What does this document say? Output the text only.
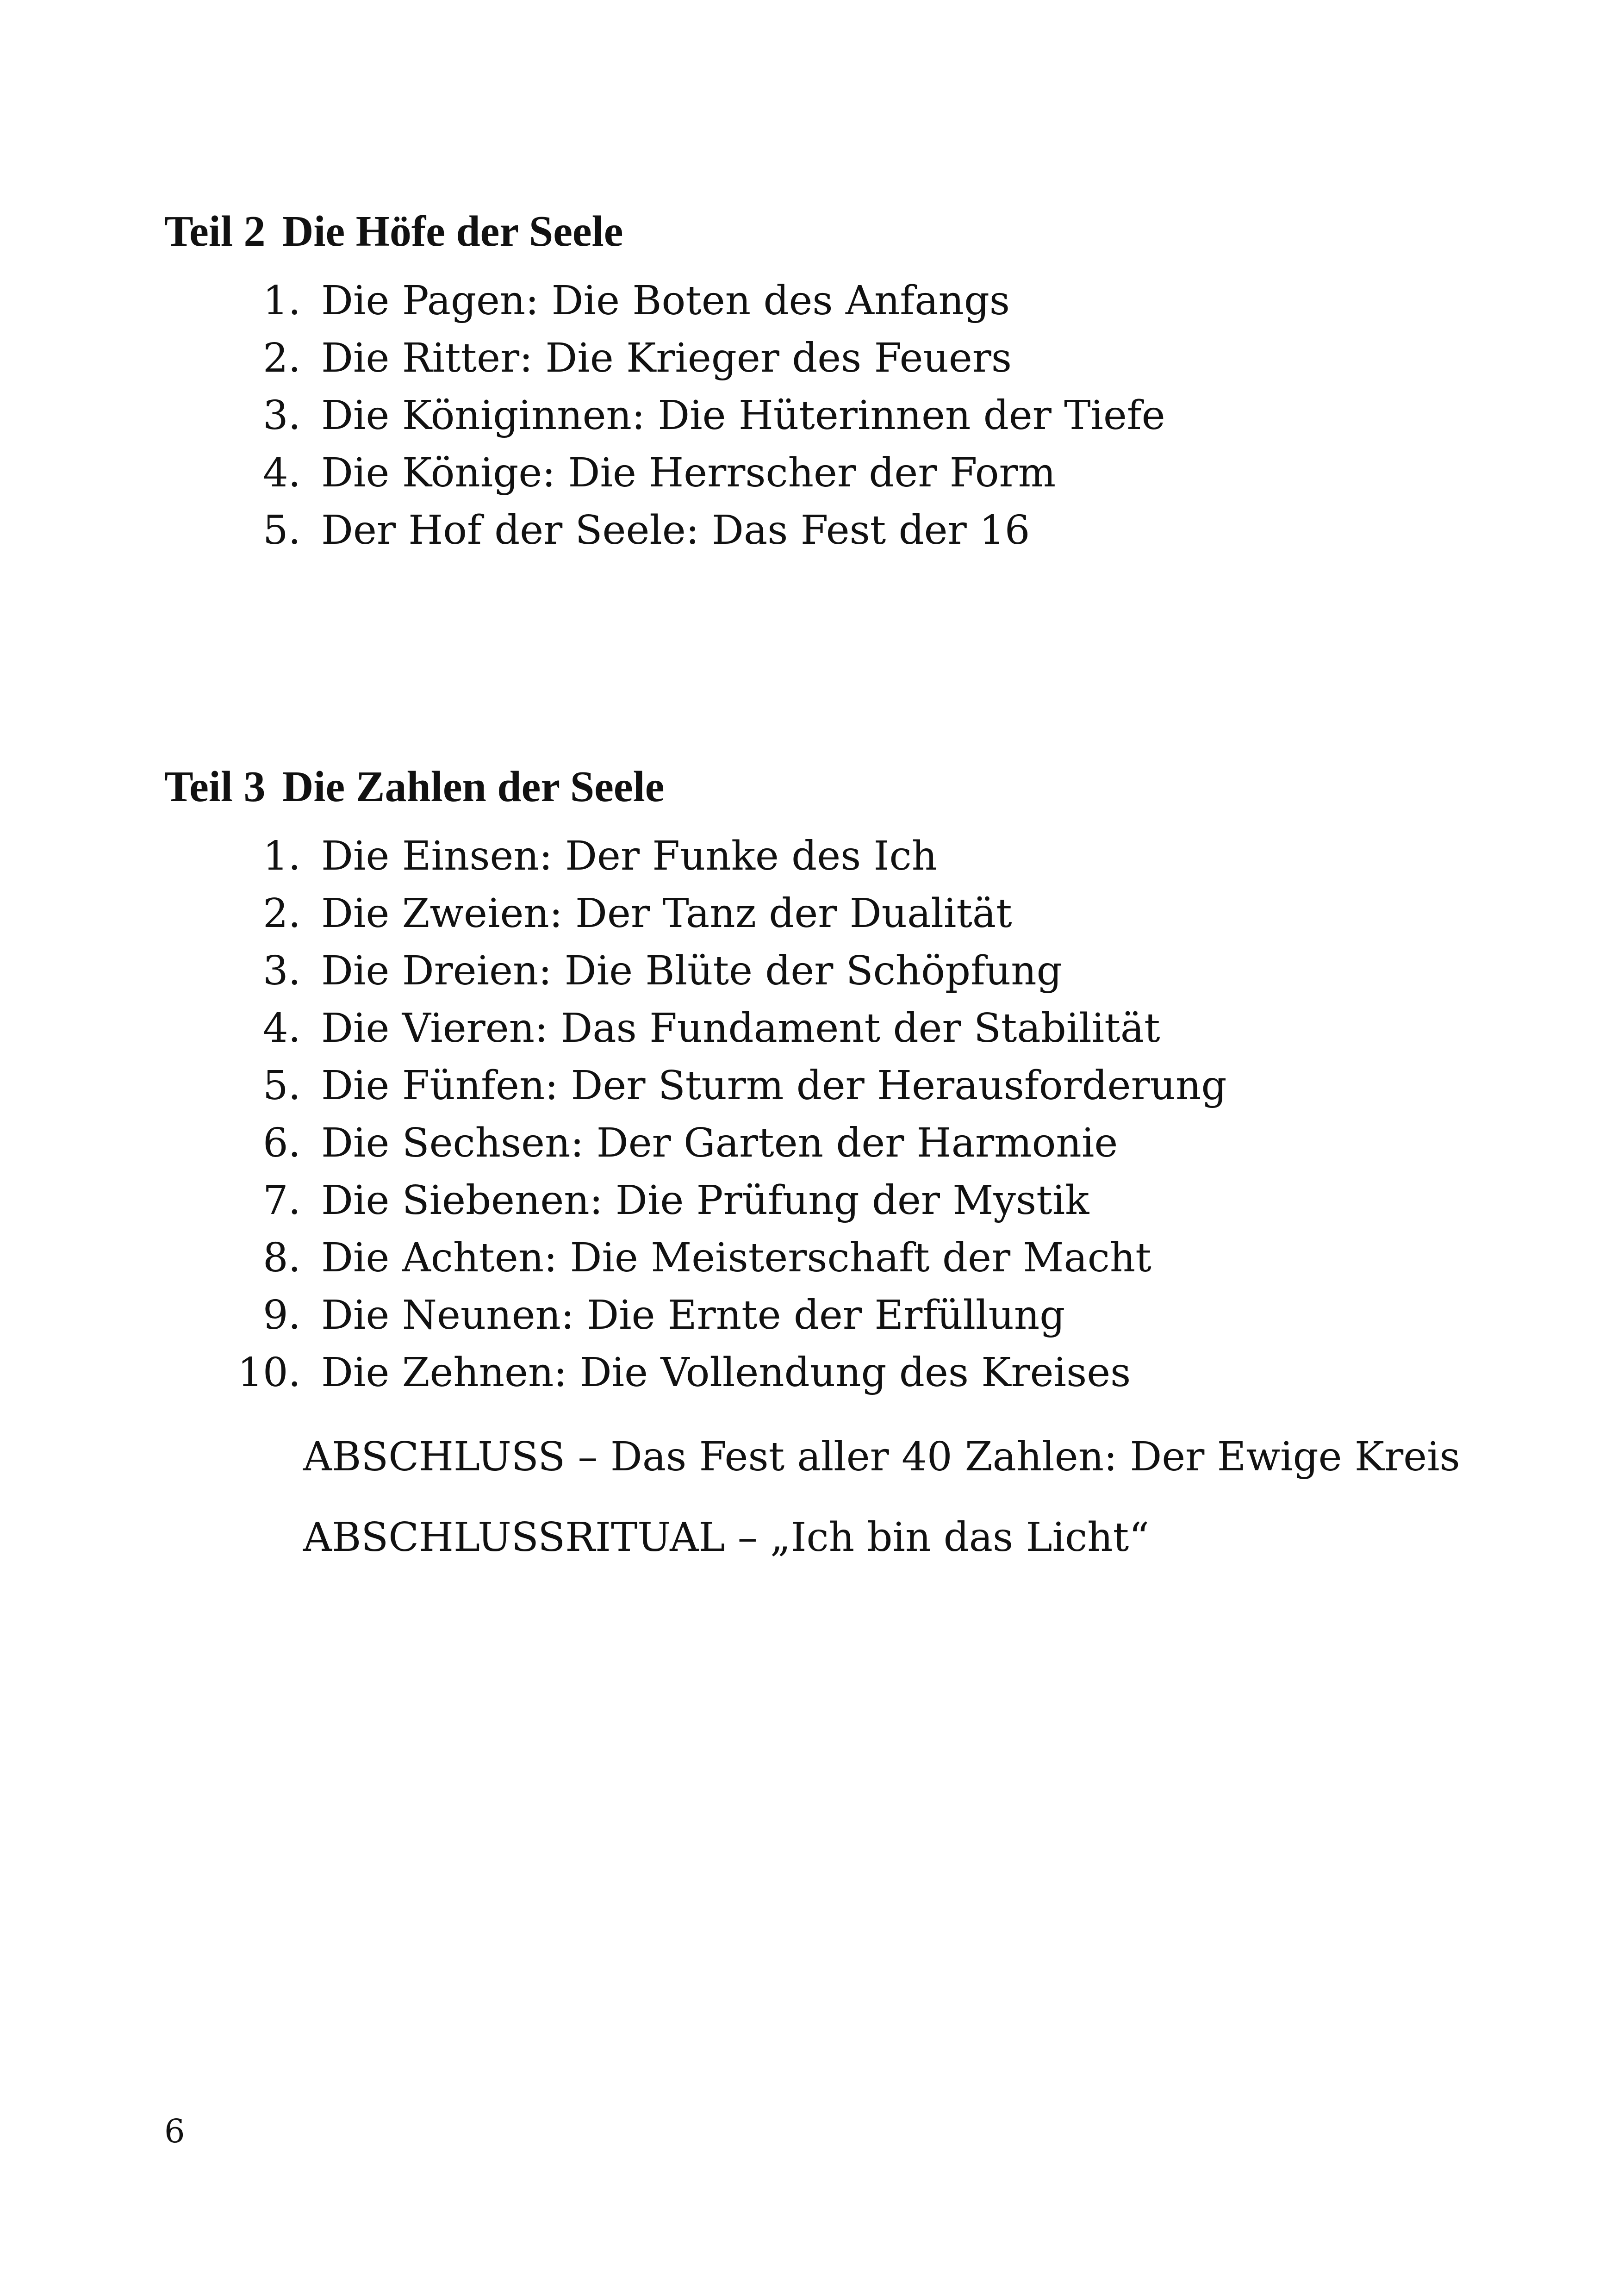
Teil 2 Die Höfe der Seele
1. Die Pagen: Die Boten des Anfangs
2. Die Ritter: Die Krieger des Feuers
3. Die Königinnen: Die Hüterinnen der Tiefe
4. Die Könige: Die Herrscher der Form
5. Der Hof der Seele: Das Fest der 16
Teil 3 Die Zahlen der Seele
1. Die Einsen: Der Funke des Ich
2. Die Zweien: Der Tanz der Dualität
3. Die Dreien: Die Blüte der Schöpfung
4. Die Vieren: Das Fundament der Stabilität
5. Die Fünfen: Der Sturm der Herausforderung
6. Die Sechsen: Der Garten der Harmonie
7. Die Siebenen: Die Prüfung der Mystik
8. Die Achten: Die Meisterschaft der Macht
9. Die Neunen: Die Ernte der Erfüllung
10. Die Zehnen: Die Vollendung des Kreises
ABSCHLUSS – Das Fest aller 40 Zahlen: Der Ewige Kreis
ABSCHLUSSRITUAL – „Ich bin das Licht“
6
